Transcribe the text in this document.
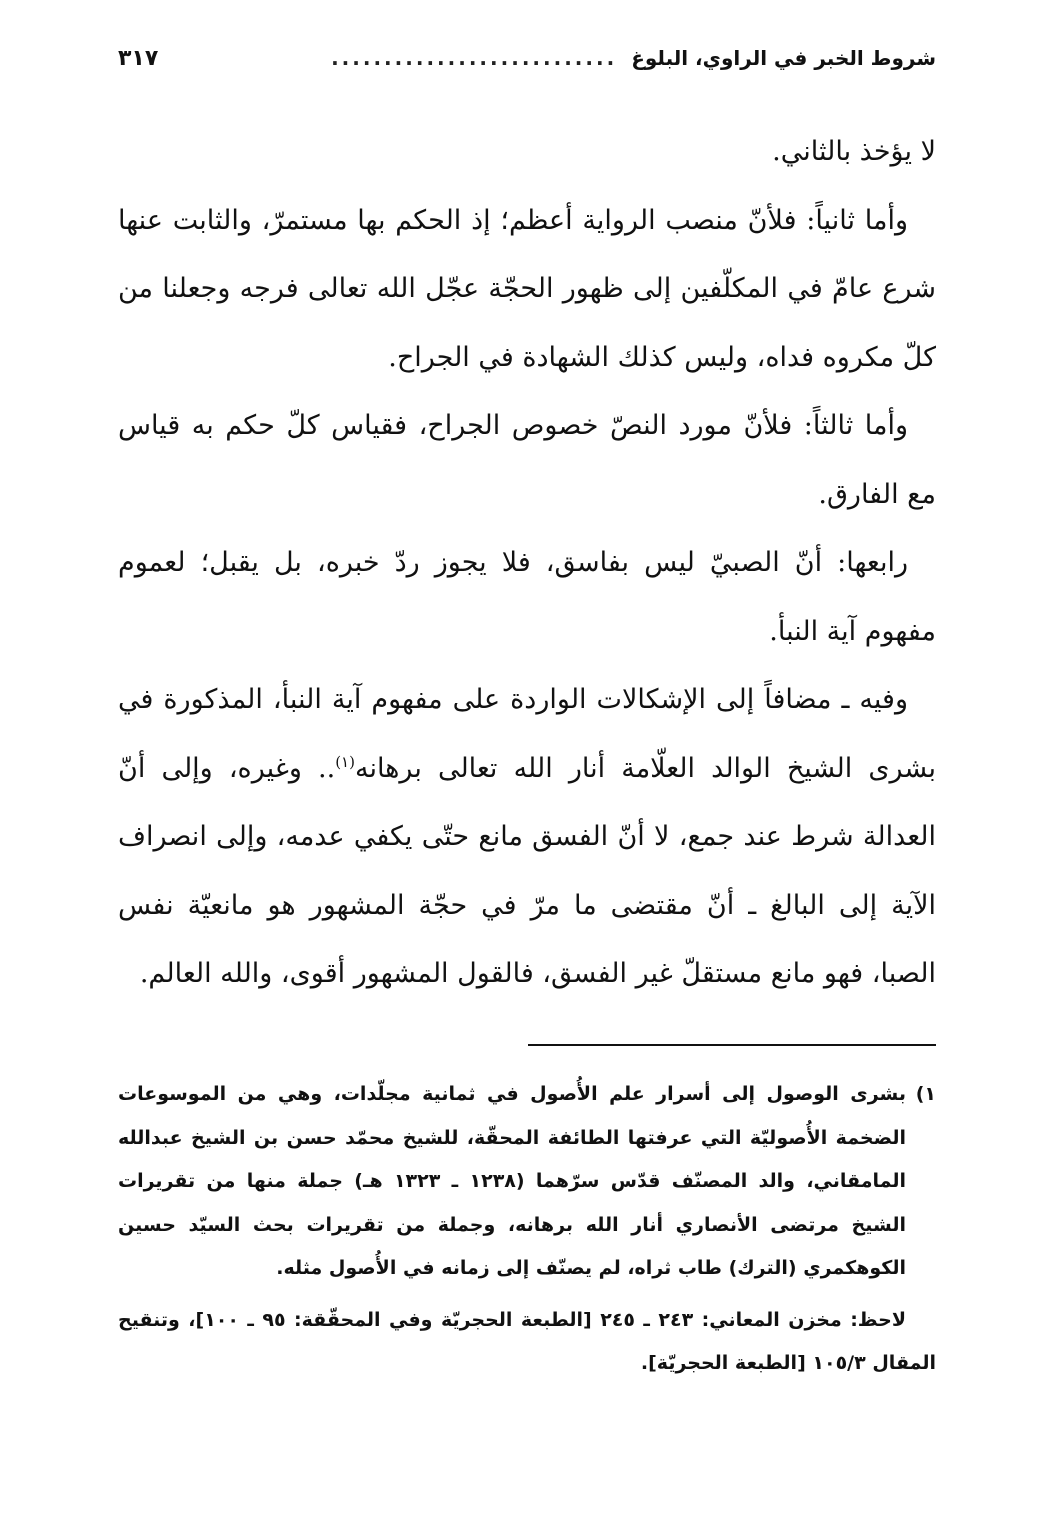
شروط الخبر في الراوي، البلوغ
...........................
٣١٧

لا يؤخذ بالثاني.

وأما ثانياً: فلأنّ منصب الرواية أعظم؛ إذ الحكم بها مستمرّ، والثابت عنها شرع عامّ في المكلّفين إلى ظهور الحجّة عجّل الله تعالى فرجه وجعلنا من كلّ مكروه فداه، وليس كذلك الشهادة في الجراح.

وأما ثالثاً: فلأنّ مورد النصّ خصوص الجراح، فقياس كلّ حكم به قياس مع الفارق.

رابعها: أنّ الصبيّ ليس بفاسق، فلا يجوز ردّ خبره، بل يقبل؛ لعموم مفهوم آية النبأ.

وفيه ـ مضافاً إلى الإشكالات الواردة على مفهوم آية النبأ، المذكورة في بشرى الشيخ الوالد العلّامة أنار الله تعالى برهانه$^{(١)}$.. وغيره، وإلى أنّ العدالة شرط عند جمع، لا أنّ الفسق مانع حتّى يكفي عدمه، وإلى انصراف الآية إلى البالغ ـ أنّ مقتضى ما مرّ في حجّة المشهور هو مانعيّة نفس الصبا، فهو مانع مستقلّ غير الفسق، فالقول المشهور أقوى، والله العالم.

١)
بشرى الوصول إلى أسرار علم الأُصول في ثمانية مجلّدات، وهي من الموسوعات الضخمة الأُصوليّة التي عرفتها الطائفة المحقّة، للشيخ محمّد حسن بن الشيخ عبدالله المامقاني، والد المصنّف قدّس سرّهما (١٢٣٨ ـ ١٣٢٣ هـ) جملة منها من تقريرات الشيخ مرتضى الأنصاري أنار الله برهانه، وجملة من تقريرات بحث السيّد حسين الكوهكمري (الترك) طاب ثراه، لم يصنّف إلى زمانه في الأُصول مثله.

لاحظ: مخزن المعاني: ٢٤٣ ـ ٢٤٥ [الطبعة الحجريّة وفي المحقّقة: ٩٥ ـ ١٠٠]، وتنقيح المقال ١٠٥/٣ [الطبعة الحجريّة].
